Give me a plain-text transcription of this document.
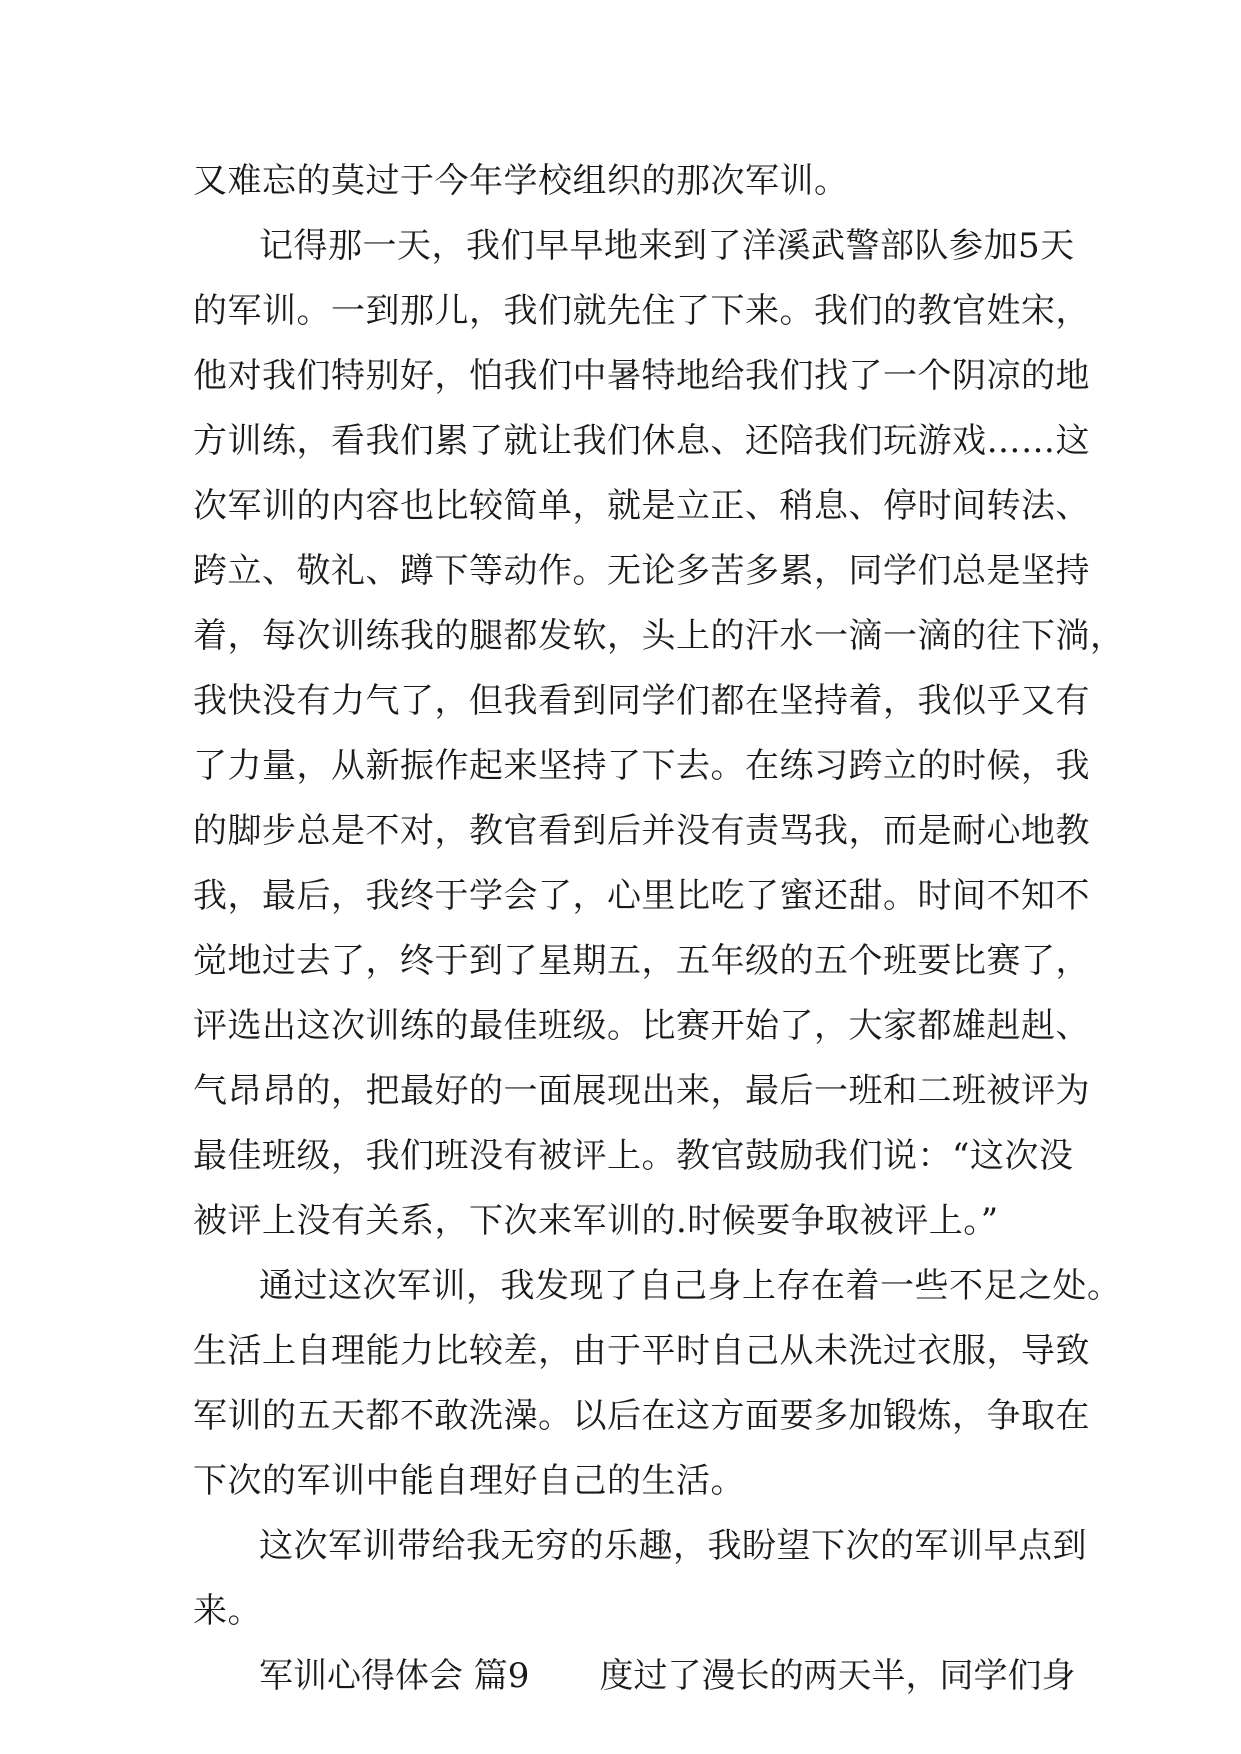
又难忘的莫过于今年学校组织的那次军训。
记得那一天，我们早早地来到了洋溪武警部队参加5天
的军训。一到那儿，我们就先住了下来。我们的教官姓宋，
他对我们特别好，怕我们中暑特地给我们找了一个阴凉的地
方训练，看我们累了就让我们休息、还陪我们玩游戏……这
次军训的内容也比较简单，就是立正、稍息、停时间转法、
跨立、敬礼、蹲下等动作。无论多苦多累，同学们总是坚持
着，每次训练我的腿都发软，头上的汗水一滴一滴的往下淌，
我快没有力气了，但我看到同学们都在坚持着，我似乎又有
了力量，从新振作起来坚持了下去。在练习跨立的时候，我
的脚步总是不对，教官看到后并没有责骂我，而是耐心地教
我，最后，我终于学会了，心里比吃了蜜还甜。时间不知不
觉地过去了，终于到了星期五，五年级的五个班要比赛了，
评选出这次训练的最佳班级。比赛开始了，大家都雄赳赳、
气昂昂的，把最好的一面展现出来，最后一班和二班被评为
最佳班级，我们班没有被评上。教官鼓励我们说：“这次没
被评上没有关系，下次来军训的.时候要争取被评上。”
通过这次军训，我发现了自己身上存在着一些不足之处。
生活上自理能力比较差，由于平时自己从未洗过衣服，导致
军训的五天都不敢洗澡。以后在这方面要多加锻炼，争取在
下次的军训中能自理好自己的生活。
这次军训带给我无穷的乐趣，我盼望下次的军训早点到
来。
军训心得体会 篇9 度过了漫长的两天半，同学们身
